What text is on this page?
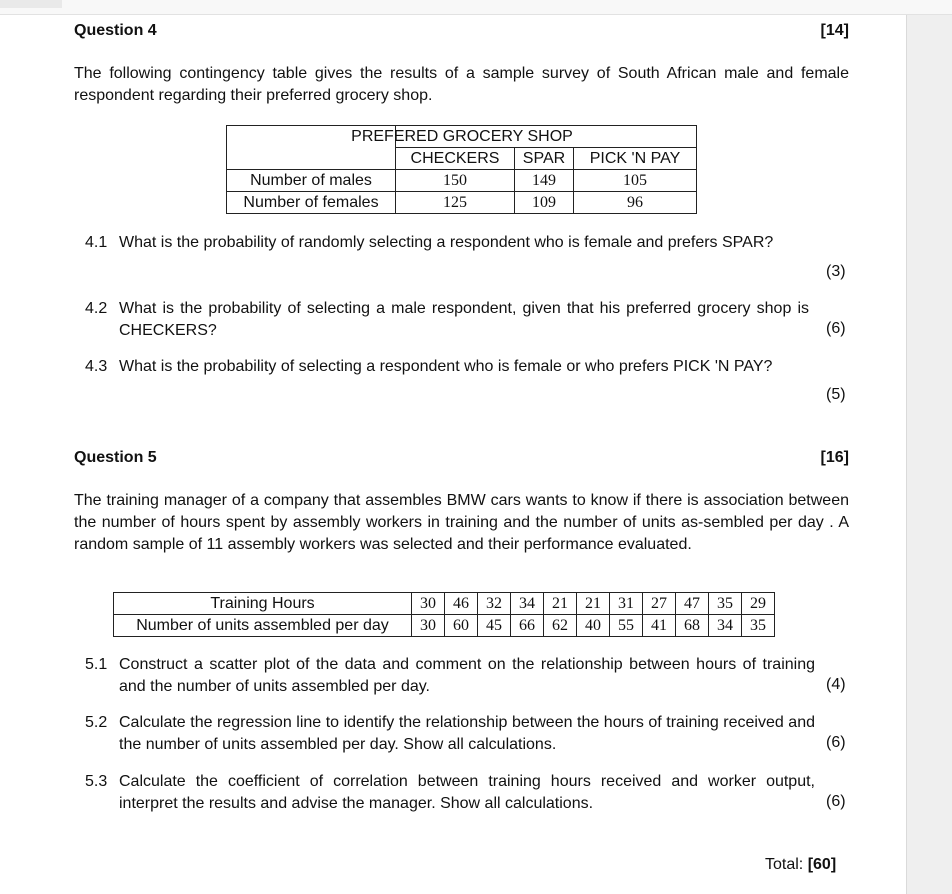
Question 4	[14]
The following contingency table gives the results of a sample survey of South African male and female respondent regarding their preferred grocery shop.
	PREFERED GROCERY SHOP		
	CHECKERS	SPAR	PICK 'N PAY
Number of males	150	149	105
Number of females	125	109	96
4.1 What is the probability of randomly selecting a respondent who is female and prefers SPAR?
(3)
4.2 What is the probability of selecting a male respondent, given that his preferred grocery shop is CHECKERS?	(6)
4.3 What is the probability of selecting a respondent who is female or who prefers PICK 'N PAY?
(5)
Question 5	[16]
The training manager of a company that assembles BMW cars wants to know if there is association between the number of hours spent by assembly workers in training and the number of units as-sembled per day . A random sample of 11 assembly workers was selected and their performance evaluated.
Training Hours	30	46	32	34	21	21	31	27	47	35	29
Number of units assembled per day	30	60	45	66	62	40	55	41	68	34	35
5.1 Construct a scatter plot of the data and comment on the relationship between hours of training and the number of units assembled per day.	(4)
5.2 Calculate the regression line to identify the relationship between the hours of training received and the number of units assembled per day. Show all calculations.	(6)
5.3 Calculate the coefficient of correlation between training hours received and worker output, interpret the results and advise the manager. Show all calculations.	(6)
Total: [60]
